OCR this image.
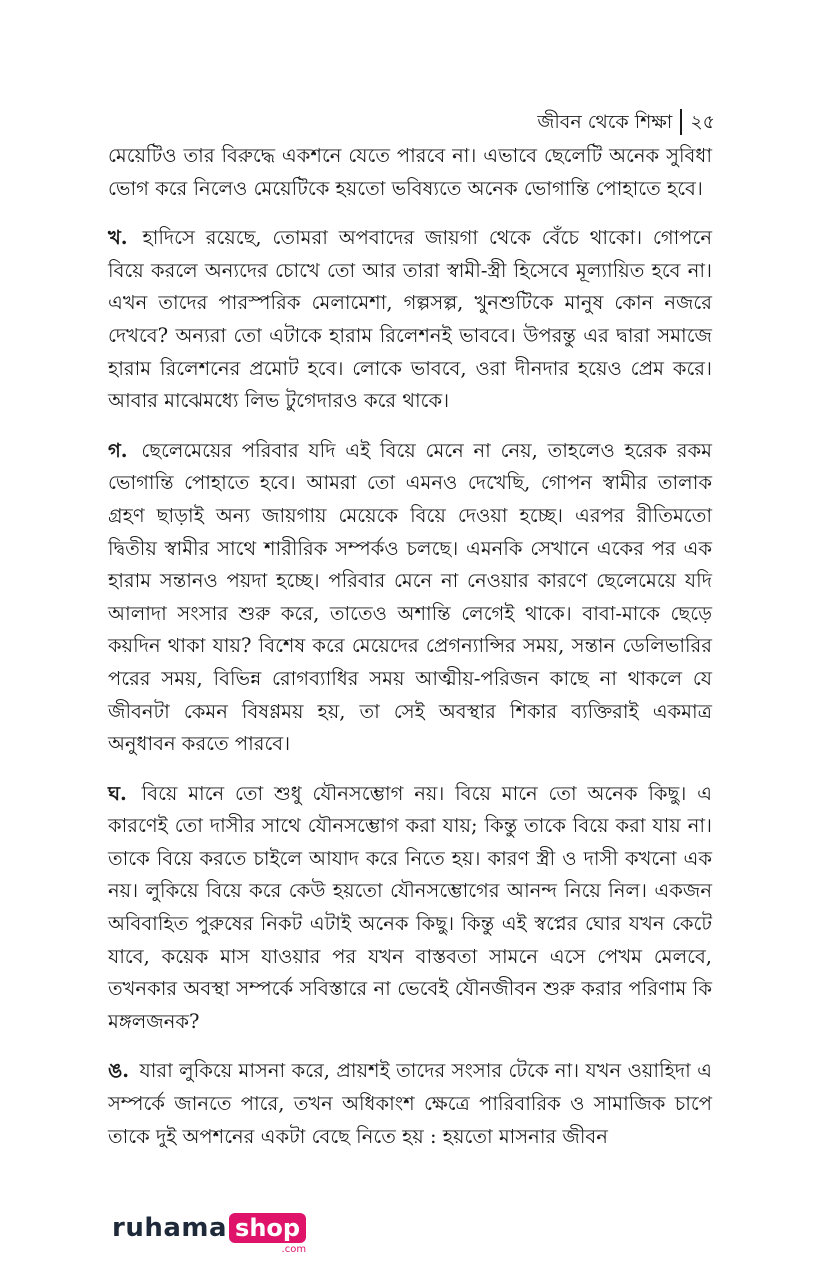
জীবন থেকে শিক্ষা ২৫

মেয়েটিও তার বিরুদ্ধে একশনে যেতে পারবে না। এভাবে ছেলেটি অনেক সুবিধা ভোগ করে নিলেও মেয়েটিকে হয়তো ভবিষ্যতে অনেক ভোগান্তি পোহাতে হবে।

খ. হাদিসে রয়েছে, তোমরা অপবাদের জায়গা থেকে বেঁচে থাকো। গোপনে বিয়ে করলে অন্যদের চোখে তো আর তারা স্বামী-স্ত্রী হিসেবে মূল্যায়িত হবে না। এখন তাদের পারস্পরিক মেলামেশা, গল্পসল্প, খুনশুটিকে মানুষ কোন নজরে দেখবে? অন্যরা তো এটাকে হারাম রিলেশনই ভাববে। উপরন্তু এর দ্বারা সমাজে হারাম রিলেশনের প্রমোট হবে। লোকে ভাববে, ওরা দীনদার হয়েও প্রেম করে। আবার মাঝেমধ্যে লিভ টুগেদারও করে থাকে।

গ. ছেলেমেয়ের পরিবার যদি এই বিয়ে মেনে না নেয়, তাহলেও হরেক রকম ভোগান্তি পোহাতে হবে। আমরা তো এমনও দেখেছি, গোপন স্বামীর তালাক গ্রহণ ছাড়াই অন্য জায়গায় মেয়েকে বিয়ে দেওয়া হচ্ছে। এরপর রীতিমতো দ্বিতীয় স্বামীর সাথে শারীরিক সম্পর্কও চলছে। এমনকি সেখানে একের পর এক হারাম সন্তানও পয়দা হচ্ছে। পরিবার মেনে না নেওয়ার কারণে ছেলেমেয়ে যদি আলাদা সংসার শুরু করে, তাতেও অশান্তি লেগেই থাকে। বাবা-মাকে ছেড়ে কয়দিন থাকা যায়? বিশেষ করে মেয়েদের প্রেগন্যান্সির সময়, সন্তান ডেলিভারির পরের সময়, বিভিন্ন রোগব্যাধির সময় আত্মীয়-পরিজন কাছে না থাকলে যে জীবনটা কেমন বিষণ্ণময় হয়, তা সেই অবস্থার শিকার ব্যক্তিরাই একমাত্র অনুধাবন করতে পারবে।

ঘ. বিয়ে মানে তো শুধু যৌনসম্ভোগ নয়। বিয়ে মানে তো অনেক কিছু। এ কারণেই তো দাসীর সাথে যৌনসম্ভোগ করা যায়; কিন্তু তাকে বিয়ে করা যায় না। তাকে বিয়ে করতে চাইলে আযাদ করে নিতে হয়। কারণ স্ত্রী ও দাসী কখনো এক নয়। লুকিয়ে বিয়ে করে কেউ হয়তো যৌনসম্ভোগের আনন্দ নিয়ে নিল। একজন অবিবাহিত পুরুষের নিকট এটাই অনেক কিছু। কিন্তু এই স্বপ্নের ঘোর যখন কেটে যাবে, কয়েক মাস যাওয়ার পর যখন বাস্তবতা সামনে এসে পেখম মেলবে, তখনকার অবস্থা সম্পর্কে সবিস্তারে না ভেবেই যৌনজীবন শুরু করার পরিণাম কি মঙ্গলজনক?

ঙ. যারা লুকিয়ে মাসনা করে, প্রায়শই তাদের সংসার টেকে না। যখন ওয়াহিদা এ সম্পর্কে জানতে পারে, তখন অধিকাংশ ক্ষেত্রে পারিবারিক ও সামাজিক চাপে তাকে দুই অপশনের একটা বেছে নিতে হয় : হয়তো মাসনার জীবন

ruhama shop
.com
